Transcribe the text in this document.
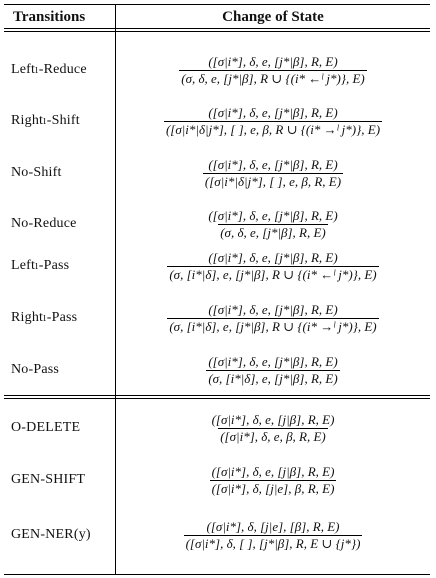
Transitions	Change of State
Leftₗ-Reduce $\frac{([\sigma|i*], \delta, e, [j*|\beta], R, E)}{\text{(σ, δ, e, [j*|β], R ∪ \{(i* ←ˡ j*)\}, E)}}$
Rightₗ-Shift	$\frac{([\sigma|i*], \delta, e, [j*|\beta], R, E)}{\text{([σ|i*|δ|j*], [ ], e, β, R ∪ \{(i* →ˡ j*)\}, E)}}$
No-Shift	$\frac{([\sigma|i*], \delta, e, [j*|\beta], R, E)}{([\sigma|i*|\delta|j*], [ ], e, \beta, R, E)}$
No-Reduce	$\frac{([\sigma|i*], \delta, e, [j*|\beta], R, E)}{(\sigma, \delta, e, [j*|\beta], R, E)}$
Leftₗ-Pass	$\frac{([\sigma|i*], \delta, e, [j*|\beta], R, E)}{\text{(σ, [i*|δ], e, [j*|β], R ∪ \{(i* ←ˡ j*)\}, E)}}$
Rightₗ-Pass	$\frac{([\sigma|i*], \delta, e, [j*|\beta], R, E)}{\text{(σ, [i*|δ], e, [j*|β], R ∪ \{(i* →ˡ j*)\}, E)}}$
No-Pass	$\frac{([\sigma|i*], \delta, e, [j*|\beta], R, E)}{(\sigma, [i*|\delta], e, [j*|\beta], R, E)}$
O-DELETE	$\frac{([\sigma|i*], \delta, e, [j|\beta], R, E)}{([\sigma|i*], \delta, e, \beta, R, E)}$
GEN-SHIFT $\frac{([\sigma|i*], \delta, e, [j|\beta], R, E)}{([\sigma|i*], \delta, [j|e], \beta, R, E)}$
$GEN-NER(y) \frac{([\sigma|i*], \delta, [j|e], [\beta], R, E)}{([\sigma|i*], \delta, [ ], [j*|\beta], R, E \cup \{j*\})}$
